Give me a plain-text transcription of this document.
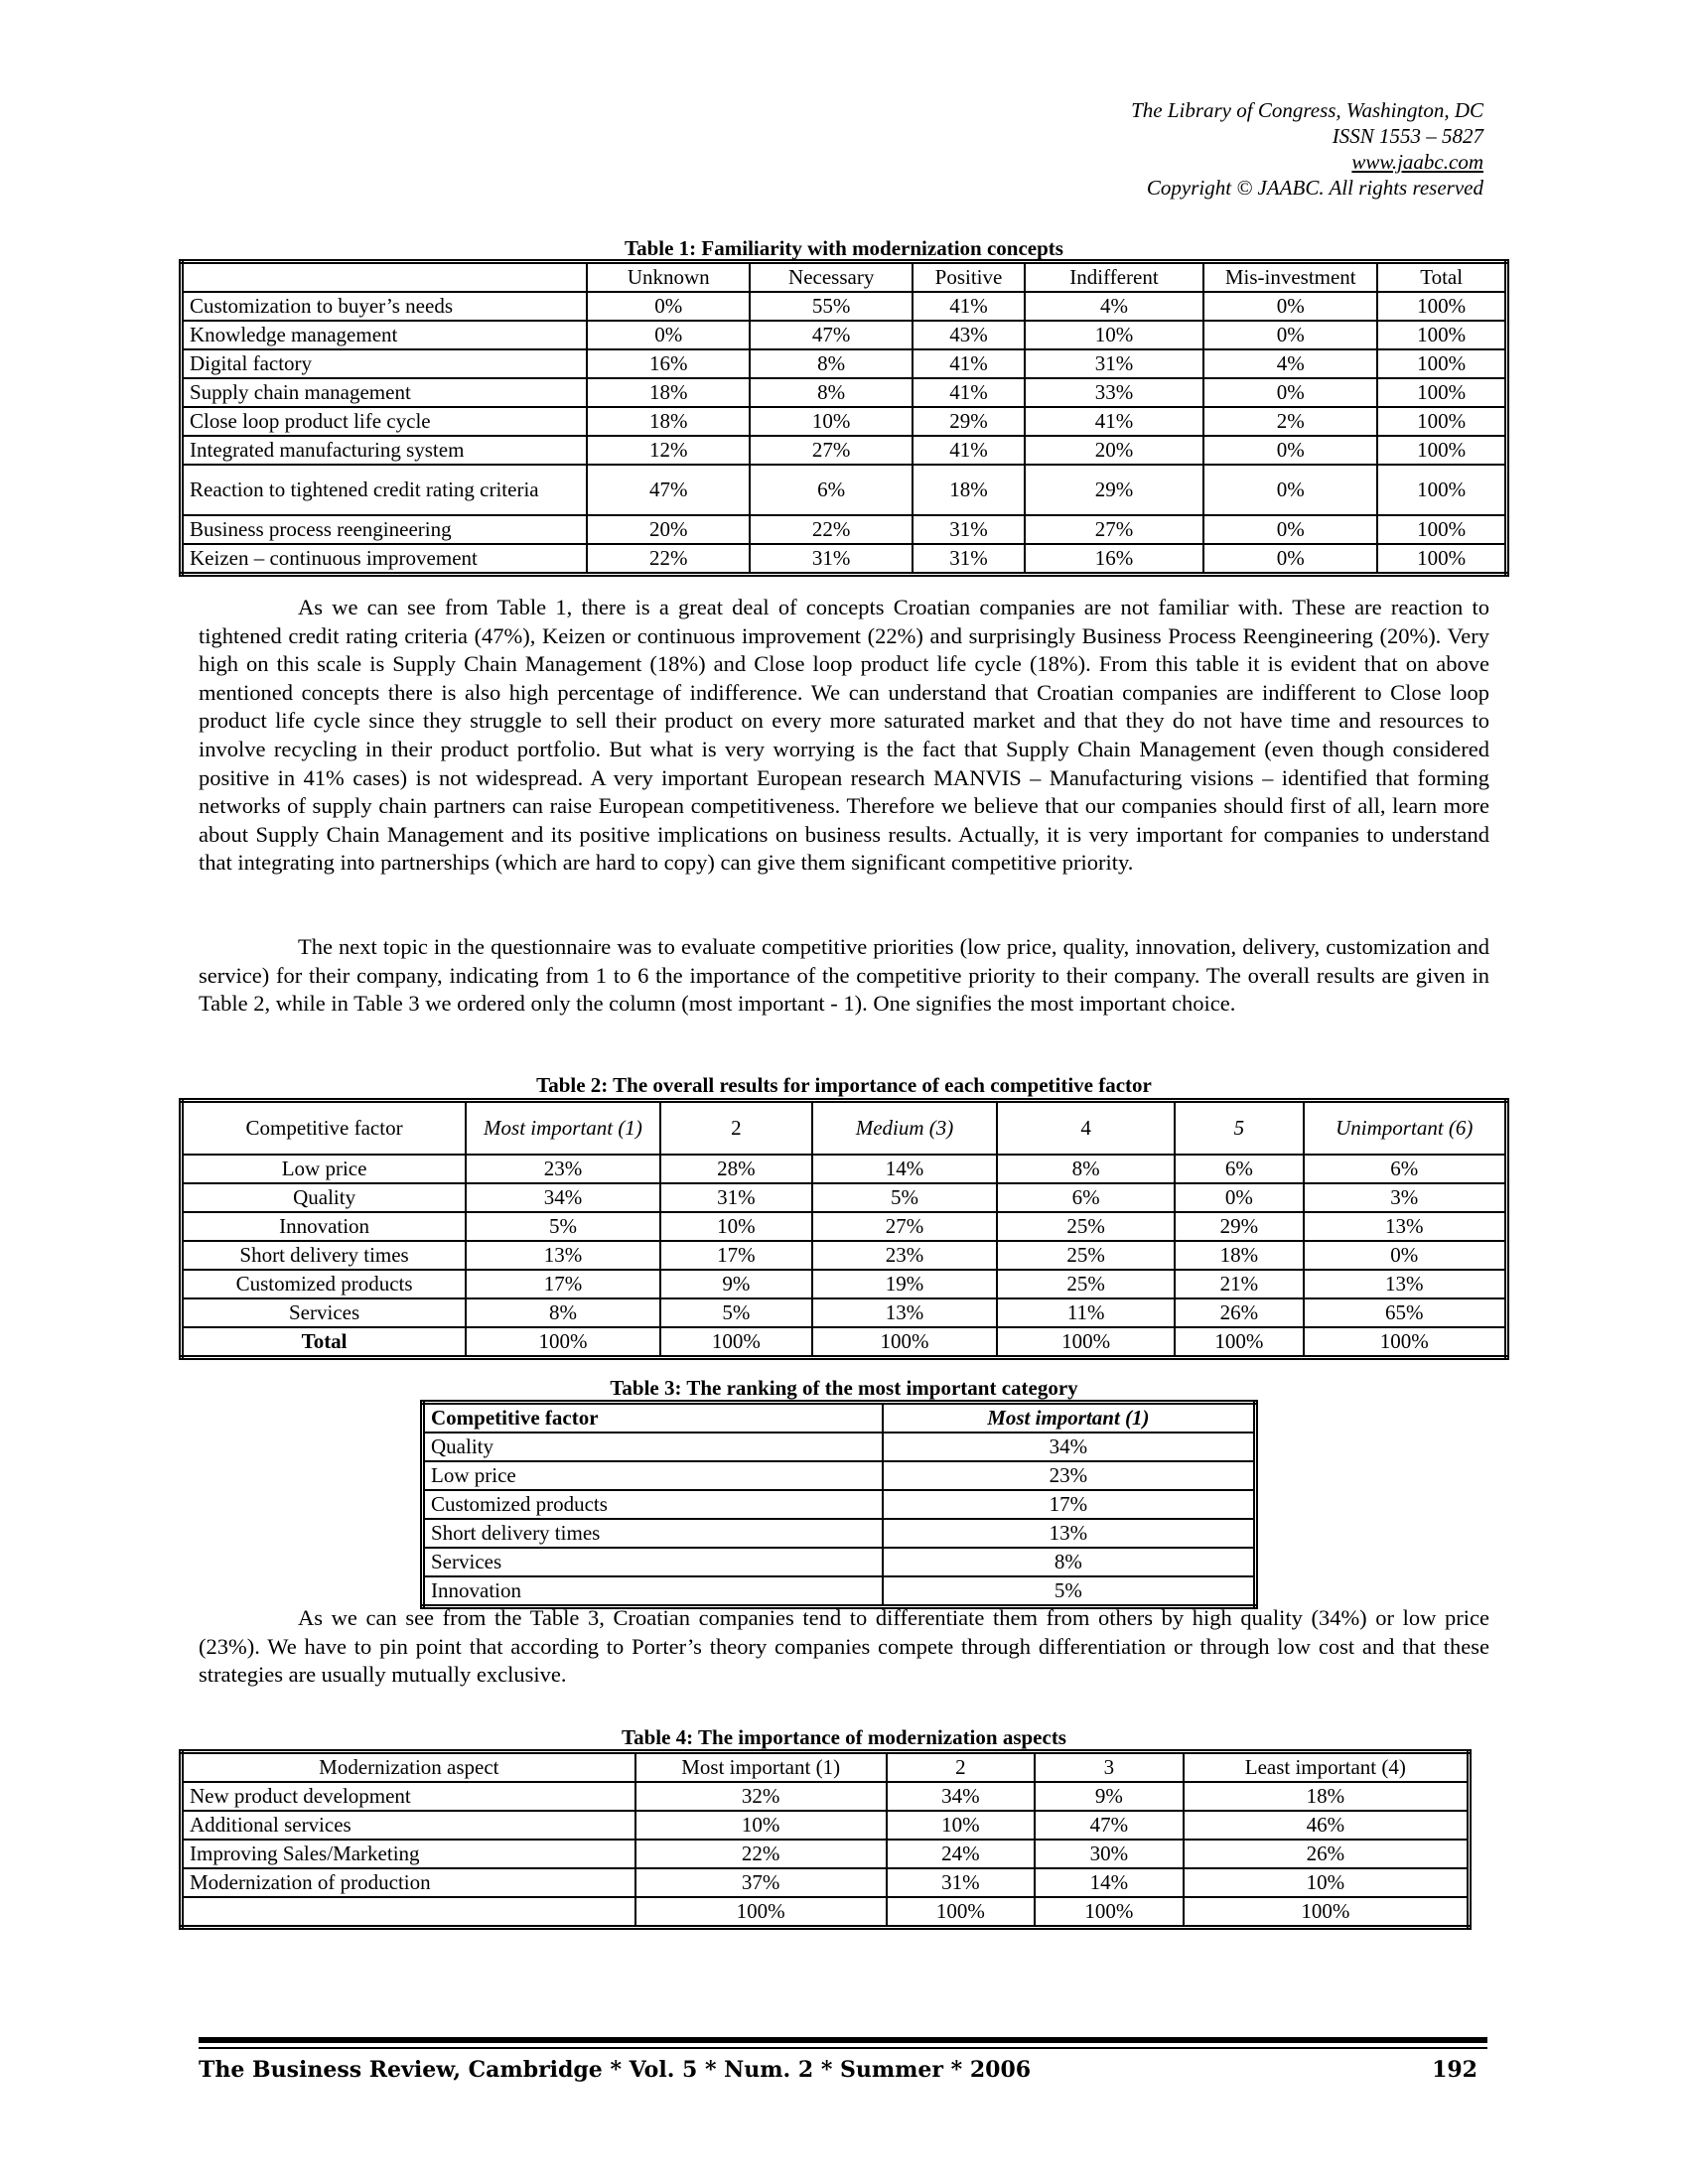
The Library of Congress, Washington, DC
ISSN 1553 – 5827
www.jaabc.com
Copyright © JAABC. All rights reserved
Table 1: Familiarity with modernization concepts
	Unknown	Necessary	Positive	Indifferent	Mis-investment	Total
Customization to buyer’s needs	0%	55%	41%	4%	0%	100%
Knowledge management	0%	47%	43%	10%	0%	100%
Digital factory	16%	8%	41%	31%	4%	100%
Supply chain management	18%	8%	41%	33%	0%	100%
Close loop product life cycle	18%	10%	29%	41%	2%	100%
Integrated manufacturing system	12%	27%	41%	20%	0%	100%
Reaction to tightened credit rating criteria	47%	6%	18%	29%	0%	100%
Business process reengineering	20%	22%	31%	27%	0%	100%
Keizen – continuous improvement	22%	31%	31%	16%	0%	100%

As we can see from Table 1, there is a great deal of concepts Croatian companies are not familiar with. These are reaction to tightened credit rating criteria (47%), Keizen or continuous improvement (22%) and surprisingly Business Process Reengineering (20%). Very high on this scale is Supply Chain Management (18%) and Close loop product life cycle (18%). From this table it is evident that on above mentioned concepts there is also high percentage of indifference. We can understand that Croatian companies are indifferent to Close loop product life cycle since they struggle to sell their product on every more saturated market and that they do not have time and resources to involve recycling in their product portfolio. But what is very worrying is the fact that Supply Chain Management (even though considered positive in 41% cases) is not widespread. A very important European research MANVIS – Manufacturing visions – identified that forming networks of supply chain partners can raise European competitiveness. Therefore we believe that our companies should first of all, learn more about Supply Chain Management and its positive implications on business results. Actually, it is very important for companies to understand that integrating into partnerships (which are hard to copy) can give them significant competitive priority.

The next topic in the questionnaire was to evaluate competitive priorities (low price, quality, innovation, delivery, customization and service) for their company, indicating from 1 to 6 the importance of the competitive priority to their company. The overall results are given in Table 2, while in Table 3 we ordered only the column (most important - 1). One signifies the most important choice.

Table 2: The overall results for importance of each competitive factor
Competitive factor	Most important (1)	2	Medium (3)	4	5	Unimportant (6)
Low price	23%	28%	14%	8%	6%	6%
Quality	34%	31%	5%	6%	0%	3%
Innovation	5%	10%	27%	25%	29%	13%
Short delivery times	13%	17%	23%	25%	18%	0%
Customized products	17%	9%	19%	25%	21%	13%
Services	8%	5%	13%	11%	26%	65%
Total	100%	100%	100%	100%	100%	100%
Table 3: The ranking of the most important category
Competitive factor	Most important (1)
Quality	34%
Low price	23%
Customized products	17%
Short delivery times	13%
Services	8%
Innovation	5%

As we can see from the Table 3, Croatian companies tend to differentiate them from others by high quality (34%) or low price (23%). We have to pin point that according to Porter’s theory companies compete through differentiation or through low cost and that these strategies are usually mutually exclusive.

Table 4: The importance of modernization aspects
Modernization aspect	Most important (1)	2	3	Least important (4)
New product development	32%	34%	9%	18%
Additional services	10%	10%	47%	46%
Improving Sales/Marketing	22%	24%	30%	26%
Modernization of production	37%	31%	14%	10%
	100%	100%	100%	100%
The Business Review, Cambridge * Vol. 5 * Num. 2 * Summer * 2006	192
